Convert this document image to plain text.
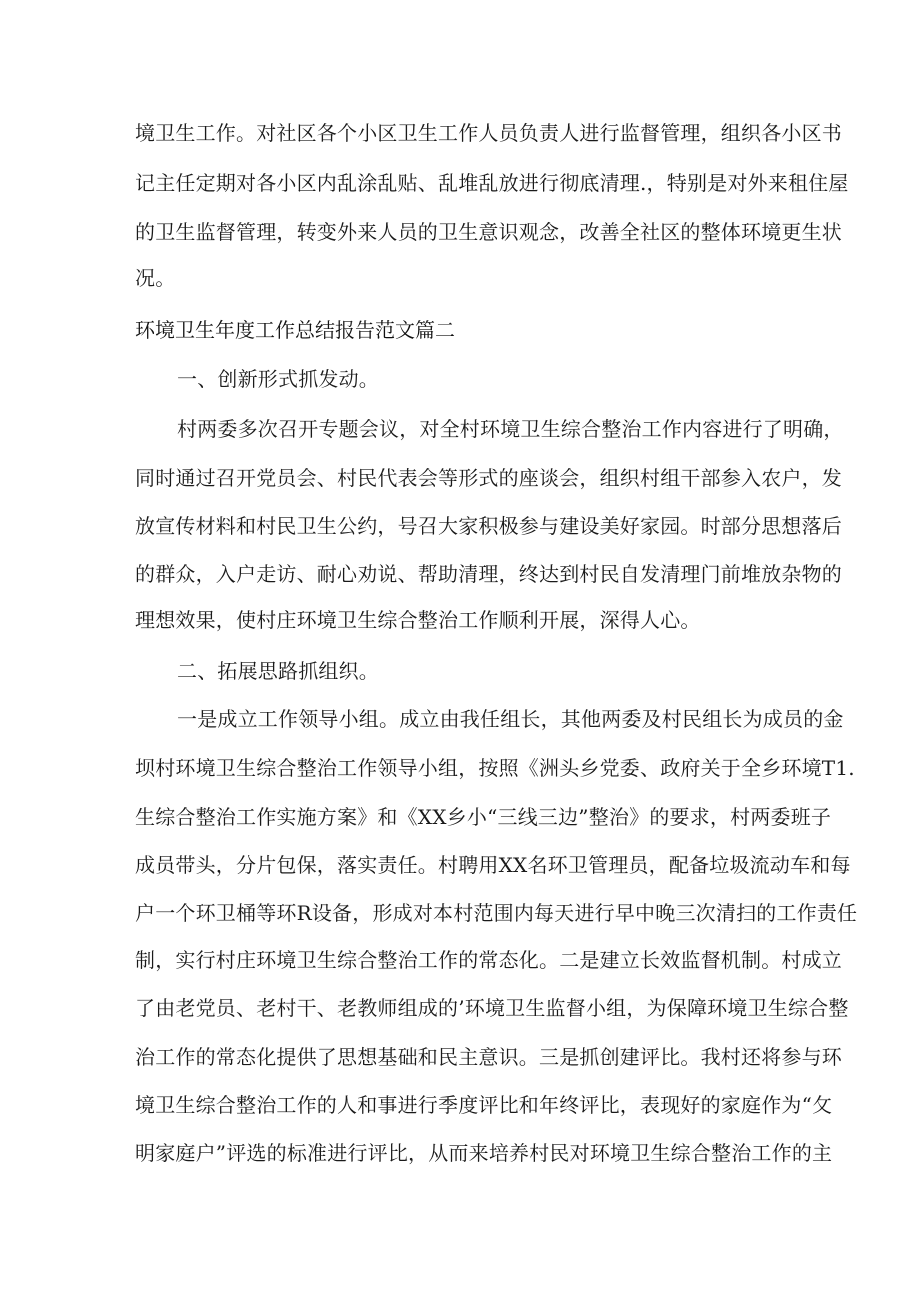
境卫生工作。对社区各个小区卫生工作人员负责人进行监督管理，组织各小区书
记主任定期对各小区内乱涂乱贴、乱堆乱放进行彻底清理.，特别是对外来租住屋
的卫生监督管理，转变外来人员的卫生意识观念，改善全社区的整体环境更生状
况。
环境卫生年度工作总结报告范文篇二
一、创新形式抓发动。
村两委多次召开专题会议，对全村环境卫生综合整治工作内容进行了明确，
同时通过召开党员会、村民代表会等形式的座谈会，组织村组干部参入农户，发
放宣传材料和村民卫生公约，号召大家积极参与建设美好家园。时部分思想落后
的群众，入户走访、耐心劝说、帮助清理，终达到村民自发清理门前堆放杂物的
理想效果，使村庄环境卫生综合整治工作顺利开展，深得人心。
二、拓展思路抓组织。
一是成立工作领导小组。成立由我任组长，其他两委及村民组长为成员的金
坝村环境卫生综合整治工作领导小组，按照《洲头乡党委、政府关于全乡环境T1.
生综合整治工作实施方案》和《XX乡小“三线三边”整治》的要求，村两委班子
成员带头，分片包保，落实责任。村聘用XX名环卫管理员，配备垃圾流动车和每
户一个环卫桶等环R设备，形成对本村范围内每天进行早中晚三次清扫的工作责任
制，实行村庄环境卫生综合整治工作的常态化。二是建立长效监督机制。村成立
了由老党员、老村干、老教师组成的’环境卫生监督小组，为保障环境卫生综合整
治工作的常态化提供了思想基础和民主意识。三是抓创建评比。我村还将参与环
境卫生综合整治工作的人和事进行季度评比和年终评比，表现好的家庭作为“攵
明家庭户”评选的标准进行评比，从而来培养村民对环境卫生综合整治工作的主
